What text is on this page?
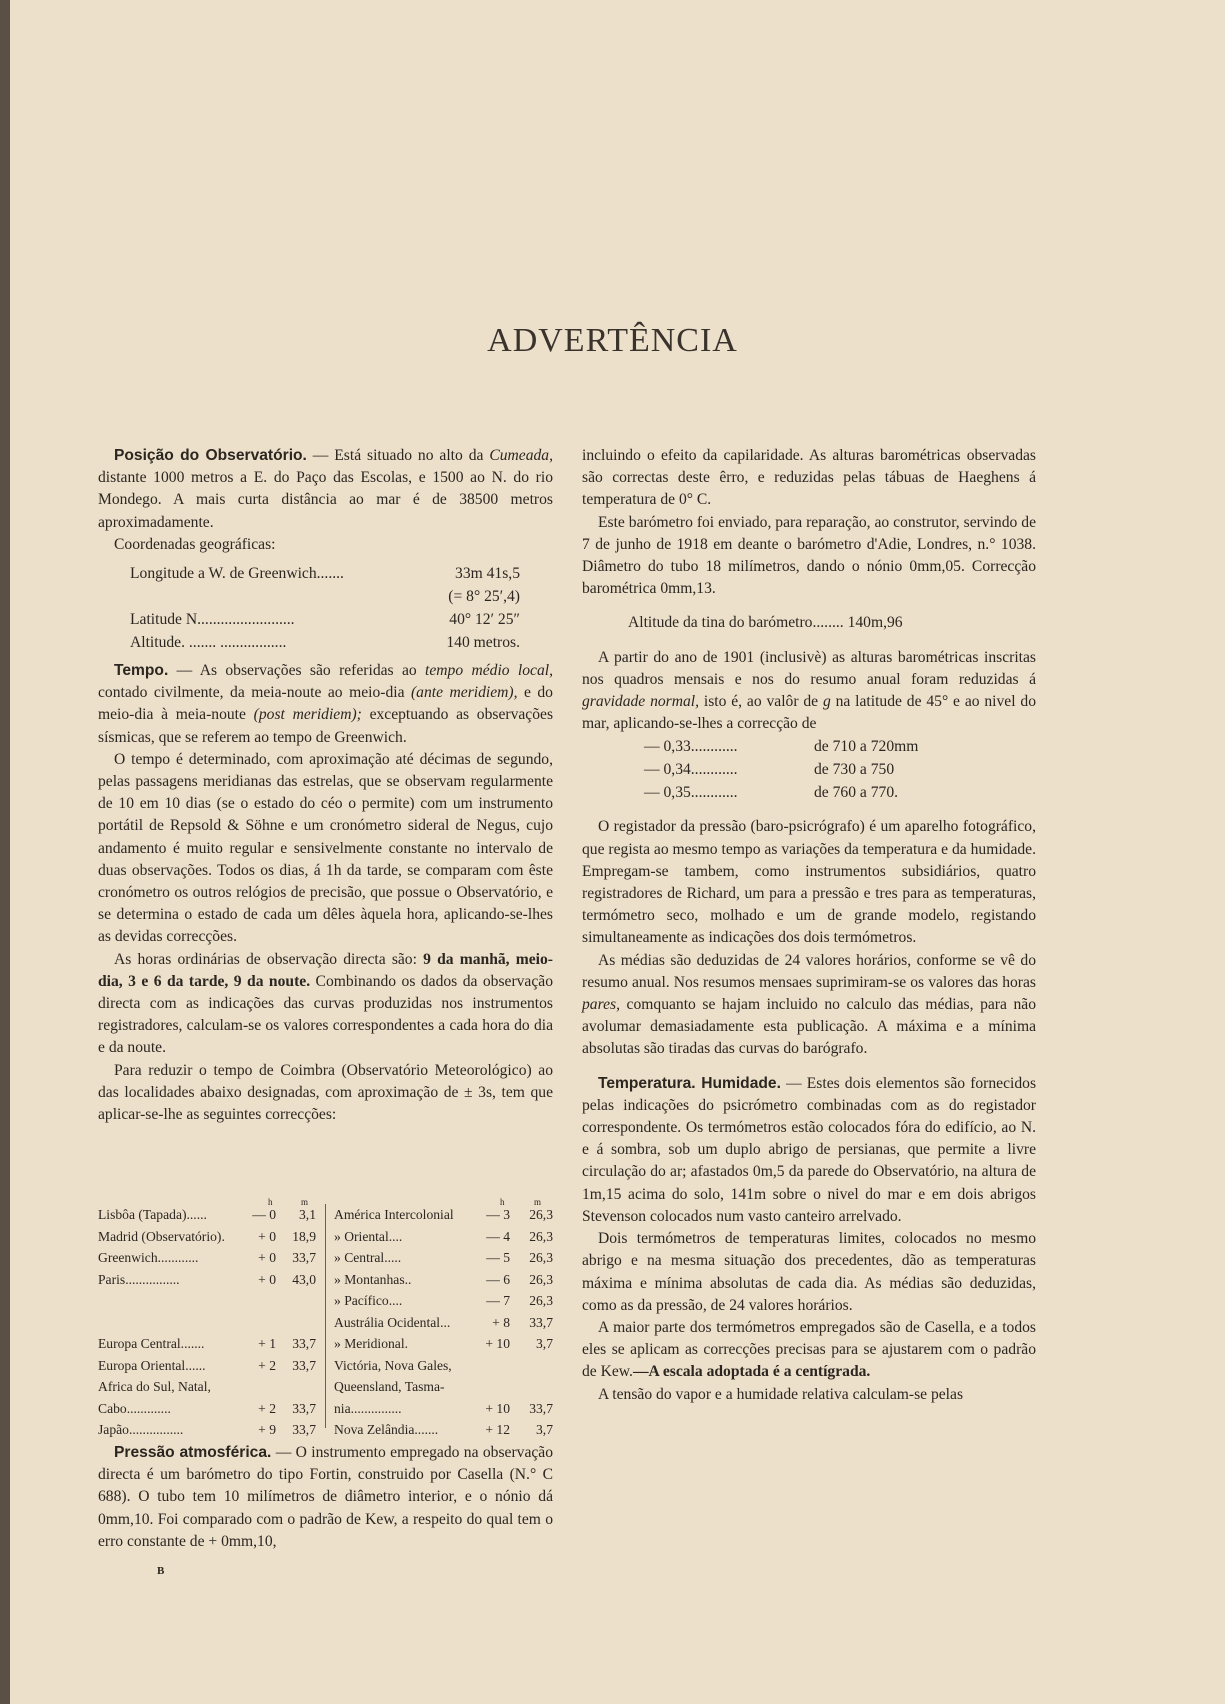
ADVERTÊNCIA

Posição do Observatório. — Está situado no alto da Cumeada, distante 1000 metros a E. do Paço das Escolas, e 1500 ao N. do rio Mondego. A mais curta distância ao mar é de 38500 metros aproximadamente.

Coordenadas geográficas:

Longitude a W. de Greenwich.......	33m 41s,5
(= 8° 25′,4)
Latitude N.........................	40° 12′ 25″
Altitude. ....... .................	140 metros.

Tempo. — As observações são referidas ao tempo médio local, contado civilmente, da meia-noute ao meio-dia (ante meridiem), e do meio-dia à meia-noute (post meridiem); exceptuando as observações sísmicas, que se referem ao tempo de Greenwich.

O tempo é determinado, com aproximação até décimas de segundo, pelas passagens meridianas das estrelas, que se observam regularmente de 10 em 10 dias (se o estado do céo o permite) com um instrumento portátil de Repsold & Söhne e um cronómetro sideral de Negus, cujo andamento é muito regular e sensivelmente constante no intervalo de duas observações. Todos os dias, á 1h da tarde, se comparam com êste cronómetro os outros relógios de precisão, que possue o Observatório, e se determina o estado de cada um dêles àquela hora, aplicando-se-lhes as devidas correcções.

As horas ordinárias de observação directa são: 9 da manhã, meio-dia, 3 e 6 da tarde, 9 da noute. Combinando os dados da observação directa com as indicações das curvas produzidas nos instrumentos registradores, calculam-se os valores correspondentes a cada hora do dia e da noute.

Para reduzir o tempo de Coimbra (Observatório Meteorológico) ao das localidades abaixo designadas, com aproximação de ± 3s, tem que aplicar-se-lhe as seguintes correcções:

h	m
Lisbôa (Tapada)......	— 0	3,1
Madrid (Observatório).	+ 0	18,9
Greenwich............	+ 0	33,7
Paris................	+ 0	43,0
Europa Central.......	+ 1	33,7
Europa Oriental......	+ 2	33,7
Africa do Sul, Natal,
Cabo.............	+ 2	33,7
Japão................	+ 9	33,7
h	m
América Intercolonial	— 3	26,3
» Oriental....	— 4	26,3
» Central.....	— 5	26,3
» Montanhas..	— 6	26,3
» Pacífico....	— 7	26,3
Austrália Ocidental...	+ 8	33,7
» Meridional.	+ 10	3,7
Victória, Nova Gales,
Queensland, Tasma-
nia...............	+ 10	33,7
Nova Zelândia.......	+ 12	3,7

Pressão atmosférica. — O instrumento empregado na observação directa é um barómetro do tipo Fortin, construido por Casella (N.° C 688). O tubo tem 10 milímetros de diâmetro interior, e o nónio dá 0mm,10. Foi comparado com o padrão de Kew, a respeito do qual tem o erro constante de + 0mm,10,

B

incluindo o efeito da capilaridade. As alturas barométricas observadas são correctas deste êrro, e reduzidas pelas tábuas de Haeghens á temperatura de 0° C.

Este barómetro foi enviado, para reparação, ao construtor, servindo de 7 de junho de 1918 em deante o barómetro d'Adie, Londres, n.° 1038. Diâmetro do tubo 18 milímetros, dando o nónio 0mm,05. Correcção barométrica 0mm,13.

Altitude da tina do barómetro........ 140m,96

A partir do ano de 1901 (inclusivè) as alturas barométricas inscritas nos quadros mensais e nos do resumo anual foram reduzidas á gravidade normal, isto é, ao valôr de g na latitude de 45° e ao nivel do mar, aplicando-se-lhes a correcção de

— 0,33............	de 710 a 720mm
— 0,34............	de 730 a 750
— 0,35............	de 760 a 770.

O registador da pressão (baro-psicrógrafo) é um aparelho fotográfico, que regista ao mesmo tempo as variações da temperatura e da humidade. Empregam-se tambem, como instrumentos subsidiários, quatro registradores de Richard, um para a pressão e tres para as temperaturas, termómetro seco, molhado e um de grande modelo, registando simultaneamente as indicações dos dois termómetros.

As médias são deduzidas de 24 valores horários, conforme se vê do resumo anual. Nos resumos mensaes suprimiram-se os valores das horas pares, comquanto se hajam incluido no calculo das médias, para não avolumar demasiadamente esta publicação. A máxima e a mínima absolutas são tiradas das curvas do barógrafo.

Temperatura. Humidade. — Estes dois elementos são fornecidos pelas indicações do psicrómetro combinadas com as do registador correspondente. Os termómetros estão colocados fóra do edifício, ao N. e á sombra, sob um duplo abrigo de persianas, que permite a livre circulação do ar; afastados 0m,5 da parede do Observatório, na altura de 1m,15 acima do solo, 141m sobre o nivel do mar e em dois abrigos Stevenson colocados num vasto canteiro arrelvado.

Dois termómetros de temperaturas limites, colocados no mesmo abrigo e na mesma situação dos precedentes, dão as temperaturas máxima e mínima absolutas de cada dia. As médias são deduzidas, como as da pressão, de 24 valores horários.

A maior parte dos termómetros empregados são de Casella, e a todos eles se aplicam as correcções precisas para se ajustarem com o padrão de Kew.—A escala adoptada é a centígrada.

A tensão do vapor e a humidade relativa calculam-se pelas
